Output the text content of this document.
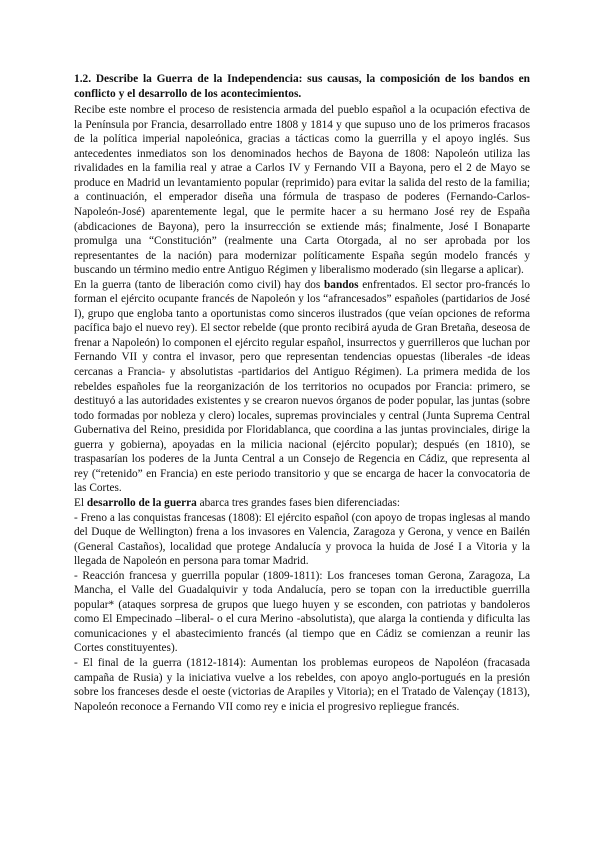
1.2. Describe la Guerra de la Independencia: sus causas, la composición de los bandos en conflicto y el desarrollo de los acontecimientos.

Recibe este nombre el proceso de resistencia armada del pueblo español a la ocupación efectiva de la Península por Francia, desarrollado entre 1808 y 1814 y que supuso uno de los primeros fracasos de la política imperial napoleónica, gracias a tácticas como la guerrilla y el apoyo inglés. Sus antecedentes inmediatos son los denominados hechos de Bayona de 1808: Napoleón utiliza las rivalidades en la familia real y atrae a Carlos IV y Fernando VII a Bayona, pero el 2 de Mayo se produce en Madrid un levantamiento popular (reprimido) para evitar la salida del resto de la familia; a continuación, el emperador diseña una fórmula de traspaso de poderes (Fernando-Carlos- Napoleón-José) aparentemente legal, que le permite hacer a su hermano José rey de España (abdicaciones de Bayona), pero la insurrección se extiende más; finalmente, José I Bonaparte promulga una “Constitución” (realmente una Carta Otorgada, al no ser aprobada por los representantes de la nación) para modernizar políticamente España según modelo francés y buscando un término medio entre Antiguo Régimen y liberalismo moderado (sin llegarse a aplicar).

En la guerra (tanto de liberación como civil) hay dos bandos enfrentados. El sector pro-francés lo forman el ejército ocupante francés de Napoleón y los “afrancesados” españoles (partidarios de José I), grupo que engloba tanto a oportunistas como sinceros ilustrados (que veían opciones de reforma pacífica bajo el nuevo rey). El sector rebelde (que pronto recibirá ayuda de Gran Bretaña, deseosa de frenar a Napoleón) lo componen el ejército regular español, insurrectos y guerrilleros que luchan por Fernando VII y contra el invasor, pero que representan tendencias opuestas (liberales -de ideas cercanas a Francia- y absolutistas -partidarios del Antiguo Régimen). La primera medida de los rebeldes españoles fue la reorganización de los territorios no ocupados por Francia: primero, se destituyó a las autoridades existentes y se crearon nuevos órganos de poder popular, las juntas (sobre todo formadas por nobleza y clero) locales, supremas provinciales y central (Junta Suprema Central Gubernativa del Reino, presidida por Floridablanca, que coordina a las juntas provinciales, dirige la guerra y gobierna), apoyadas en la milicia nacional (ejército popular); después (en 1810), se traspasarían los poderes de la Junta Central a un Consejo de Regencia en Cádiz, que representa al rey (“retenido” en Francia) en este periodo transitorio y que se encarga de hacer la convocatoria de las Cortes.

El desarrollo de la guerra abarca tres grandes fases bien diferenciadas:

- Freno a las conquistas francesas (1808): El ejército español (con apoyo de tropas inglesas al mando del Duque de Wellington) frena a los invasores en Valencia, Zaragoza y Gerona, y vence en Bailén (General Castaños), localidad que protege Andalucía y provoca la huida de José I a Vitoria y la llegada de Napoleón en persona para tomar Madrid.

- Reacción francesa y guerrilla popular (1809-1811): Los franceses toman Gerona, Zaragoza, La Mancha, el Valle del Guadalquivir y toda Andalucía, pero se topan con la irreductible guerrilla popular* (ataques sorpresa de grupos que luego huyen y se esconden, con patriotas y bandoleros como El Empecinado –liberal- o el cura Merino -absolutista), que alarga la contienda y dificulta las comunicaciones y el abastecimiento francés (al tiempo que en Cádiz se comienzan a reunir las Cortes constituyentes).

- El final de la guerra (1812-1814): Aumentan los problemas europeos de Napoléon (fracasada campaña de Rusia) y la iniciativa vuelve a los rebeldes, con apoyo anglo-portugués en la presión sobre los franceses desde el oeste (victorias de Arapiles y Vitoria); en el Tratado de Valençay (1813), Napoleón reconoce a Fernando VII como rey e inicia el progresivo repliegue francés.
